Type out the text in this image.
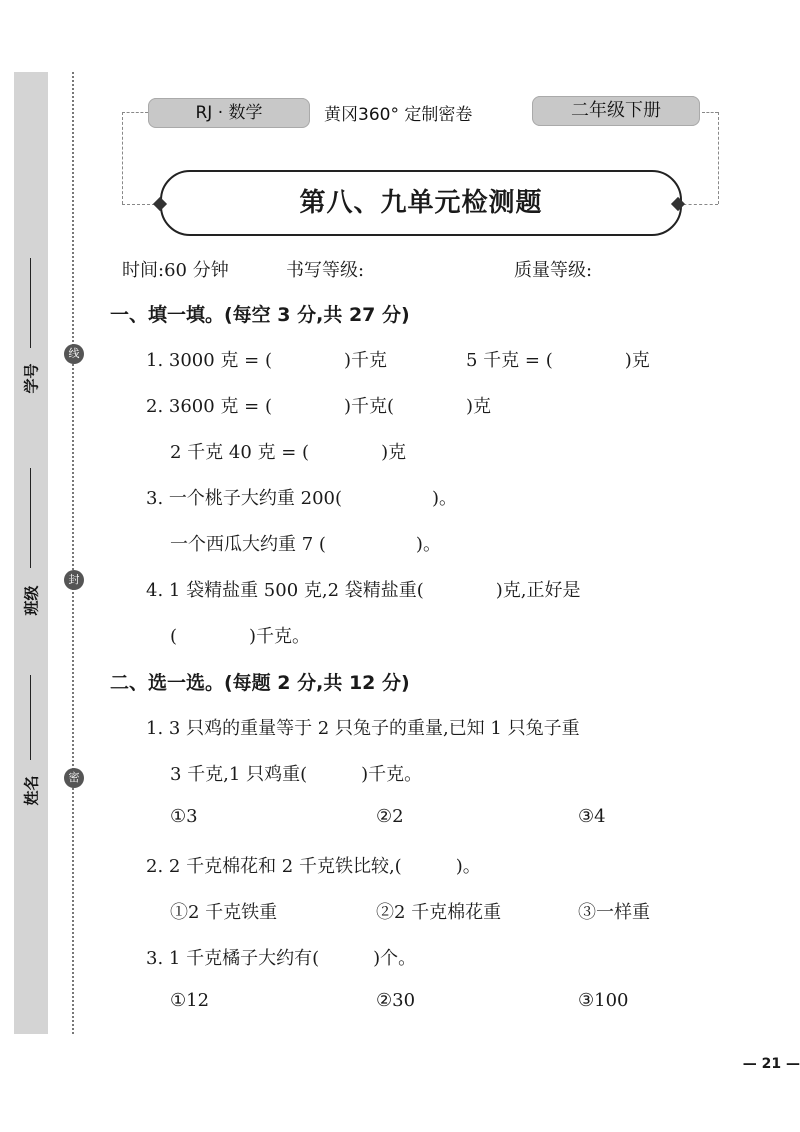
学号
班级
姓名
线
封
密
RJ · 数学	黄冈360° 定制密卷	二年级下册
第八、九单元检测题
时间:60 分钟	书写等级:	质量等级:
一、填一填。(每空 3 分,共 27 分)
1. 3000 克 = (　　　　)千克	5 千克 = (　　　　)克
2. 3600 克 = (　　　　)千克(　　　　)克
2 千克 40 克 = (　　　　)克
3. 一个桃子大约重 200(　　　　　)。
一个西瓜大约重 7 (　　　　　)。
4. 1 袋精盐重 500 克,2 袋精盐重(　　　　)克,正好是
(　　　　)千克。
二、选一选。(每题 2 分,共 12 分)
1. 3 只鸡的重量等于 2 只兔子的重量,已知 1 只兔子重
3 千克,1 只鸡重(　　　)千克。
①3	②2	③4
2. 2 千克棉花和 2 千克铁比较,(　　　)。
①2 千克铁重	②2 千克棉花重	③一样重
3. 1 千克橘子大约有(　　　)个。
①12	②30	③100
— 21 —
